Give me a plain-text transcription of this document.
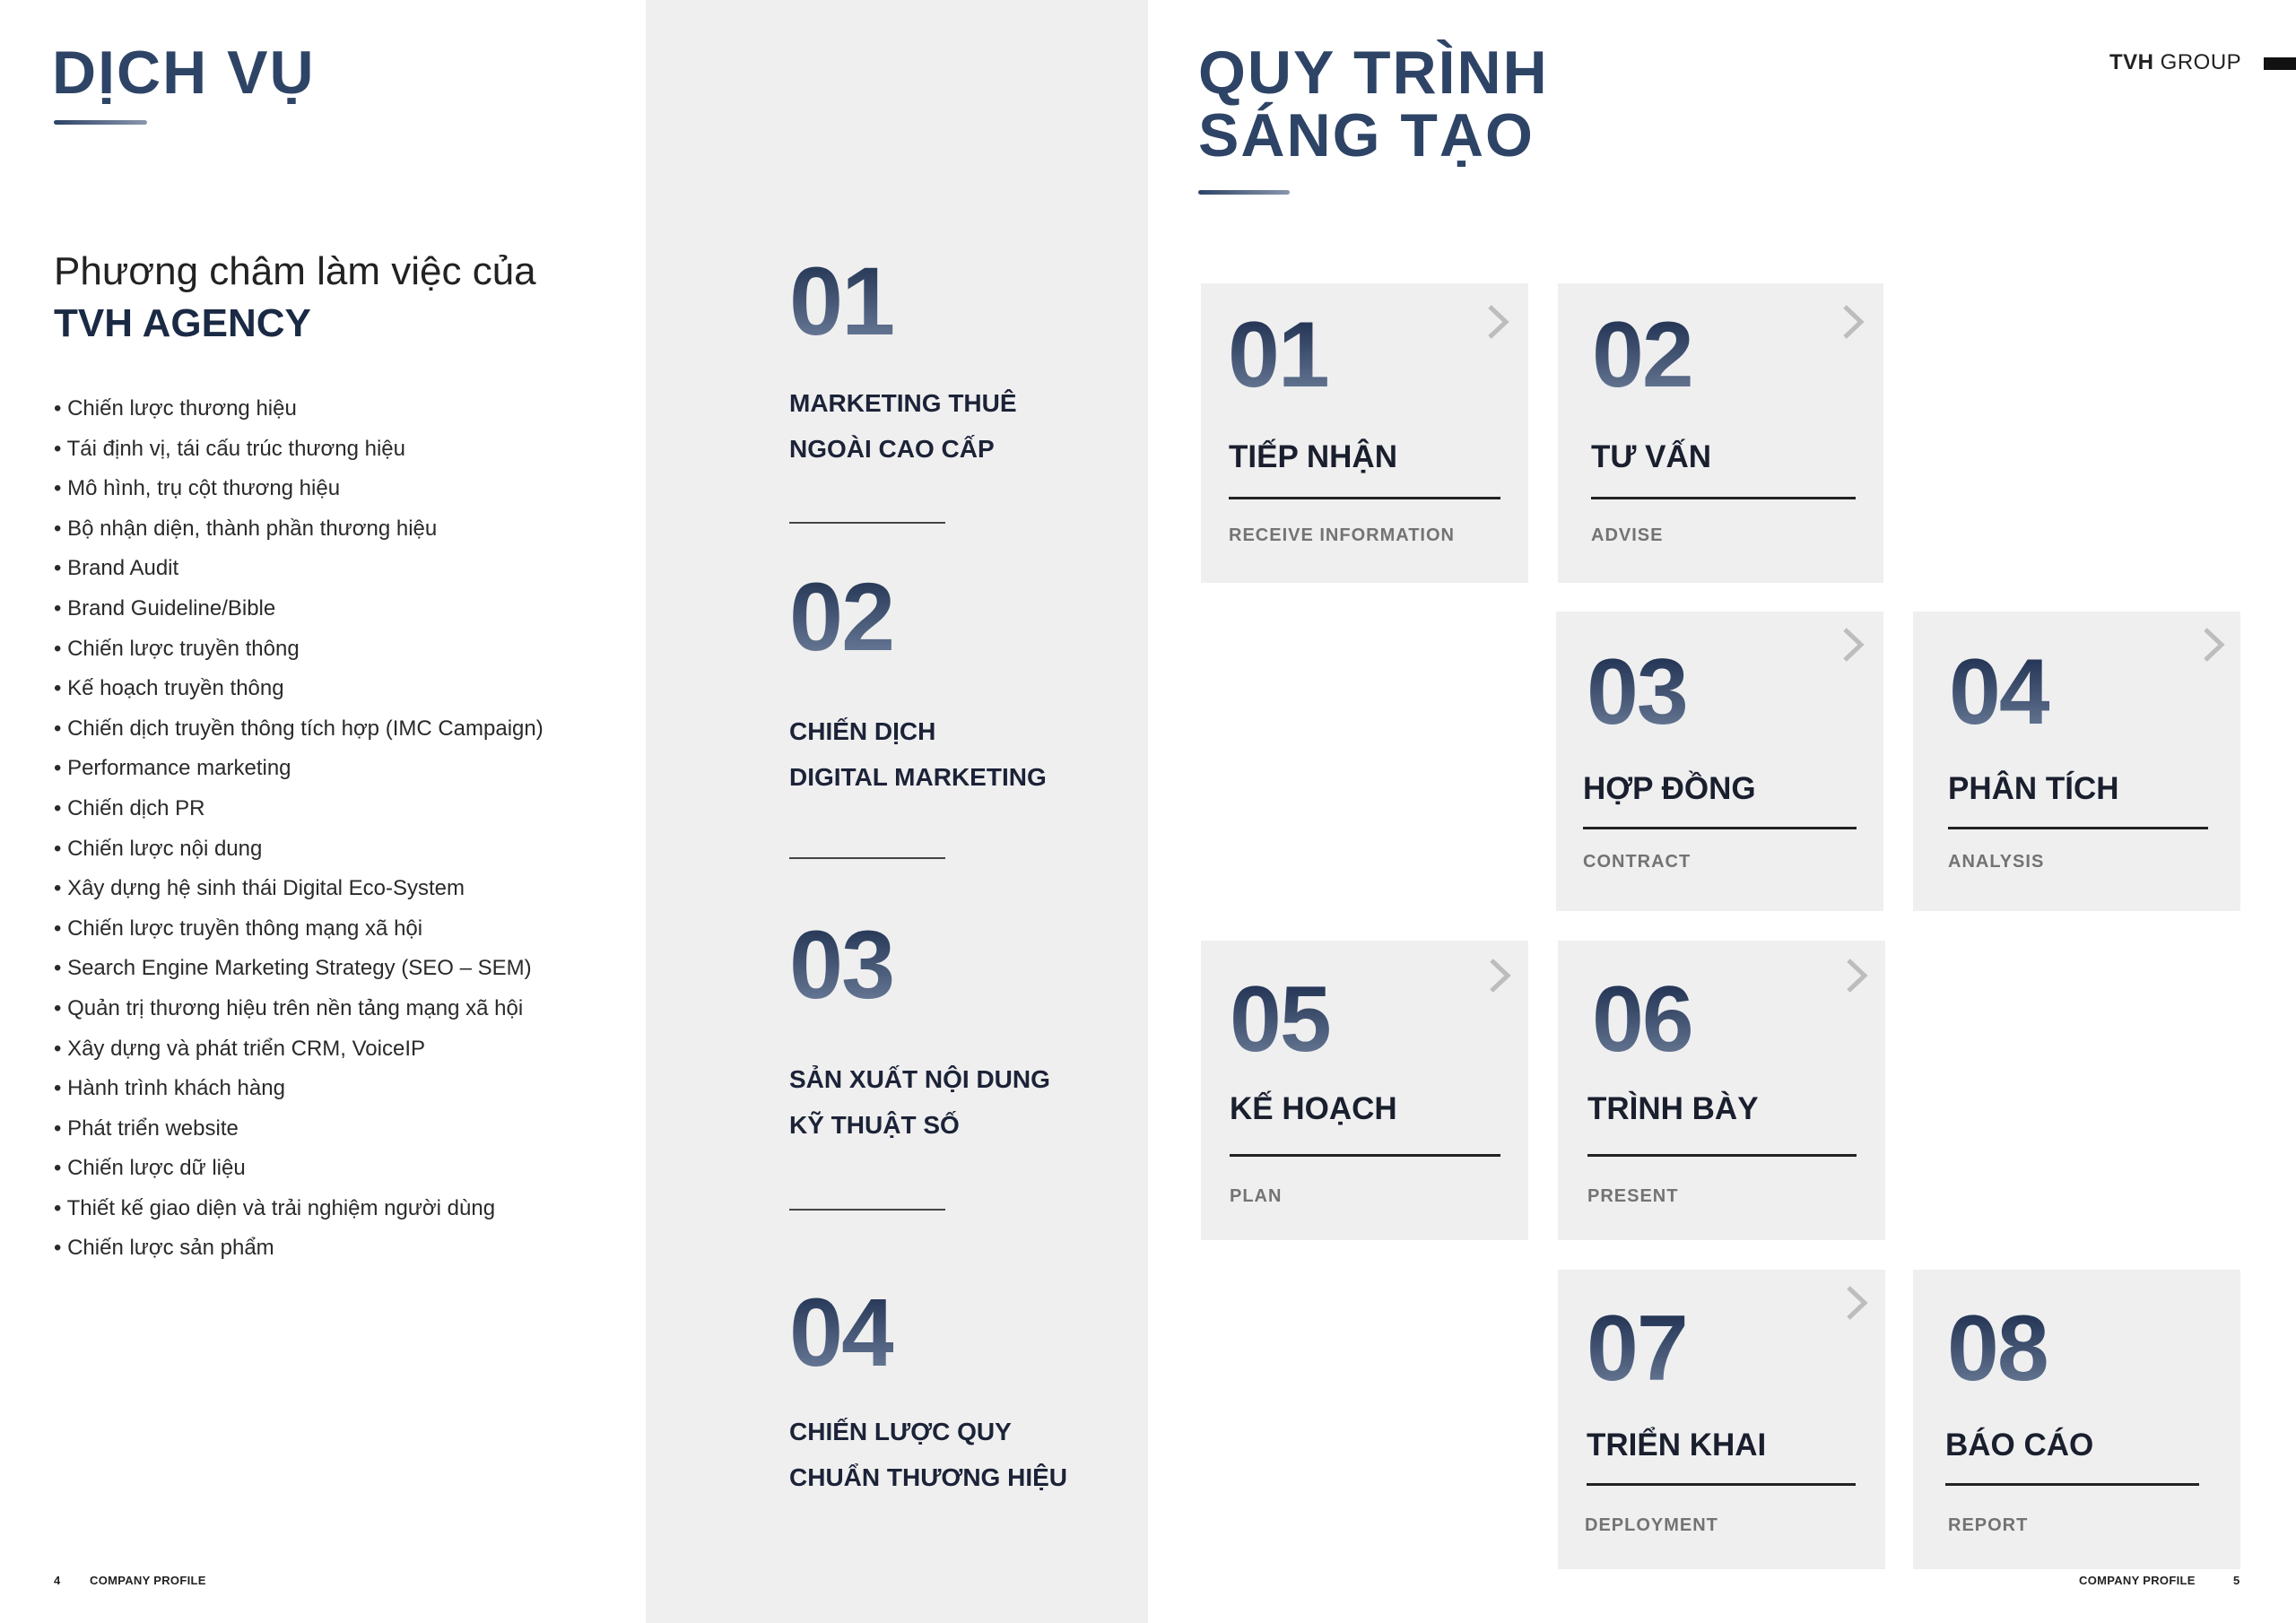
DỊCH VỤ
Phương châm làm việc của
TVH AGENCY
• Chiến lược thương hiệu
• Tái định vị, tái cấu trúc thương hiệu
• Mô hình, trụ cột thương hiệu
• Bộ nhận diện, thành phần thương hiệu
• Brand Audit
• Brand Guideline/Bible
• Chiến lược truyền thông
• Kế hoạch truyền thông
• Chiến dịch truyền thông tích hợp (IMC Campaign)
• Performance marketing
• Chiến dịch PR
• Chiến lược nội dung
• Xây dựng hệ sinh thái Digital Eco-System
• Chiến lược truyền thông mạng xã hội
• Search Engine Marketing Strategy (SEO – SEM)
• Quản trị thương hiệu trên nền tảng mạng xã hội
• Xây dựng và phát triển CRM, VoiceIP
• Hành trình khách hàng
• Phát triển website
• Chiến lược dữ liệu
• Thiết kế giao diện và trải nghiệm người dùng
• Chiến lược sản phẩm
4 COMPANY PROFILE
01
MARKETING THUÊ
NGOÀI CAO CẤP
02
CHIẾN DỊCH
DIGITAL MARKETING
03
SẢN XUẤT NỘI DUNG
KỸ THUẬT SỐ
04
CHIẾN LƯỢC QUY
CHUẨN THƯƠNG HIỆU
QUY TRÌNH
SÁNG TẠO
TVH GROUP
01
TIẾP NHẬN
RECEIVE INFORMATION
02
TƯ VẤN
ADVISE
03
HỢP ĐỒNG
CONTRACT
04
PHÂN TÍCH
ANALYSIS
05
KẾ HOẠCH
PLAN
06
TRÌNH BÀY
PRESENT
07
TRIỂN KHAI
DEPLOYMENT
08
BÁO CÁO
REPORT
COMPANY PROFILE	5
